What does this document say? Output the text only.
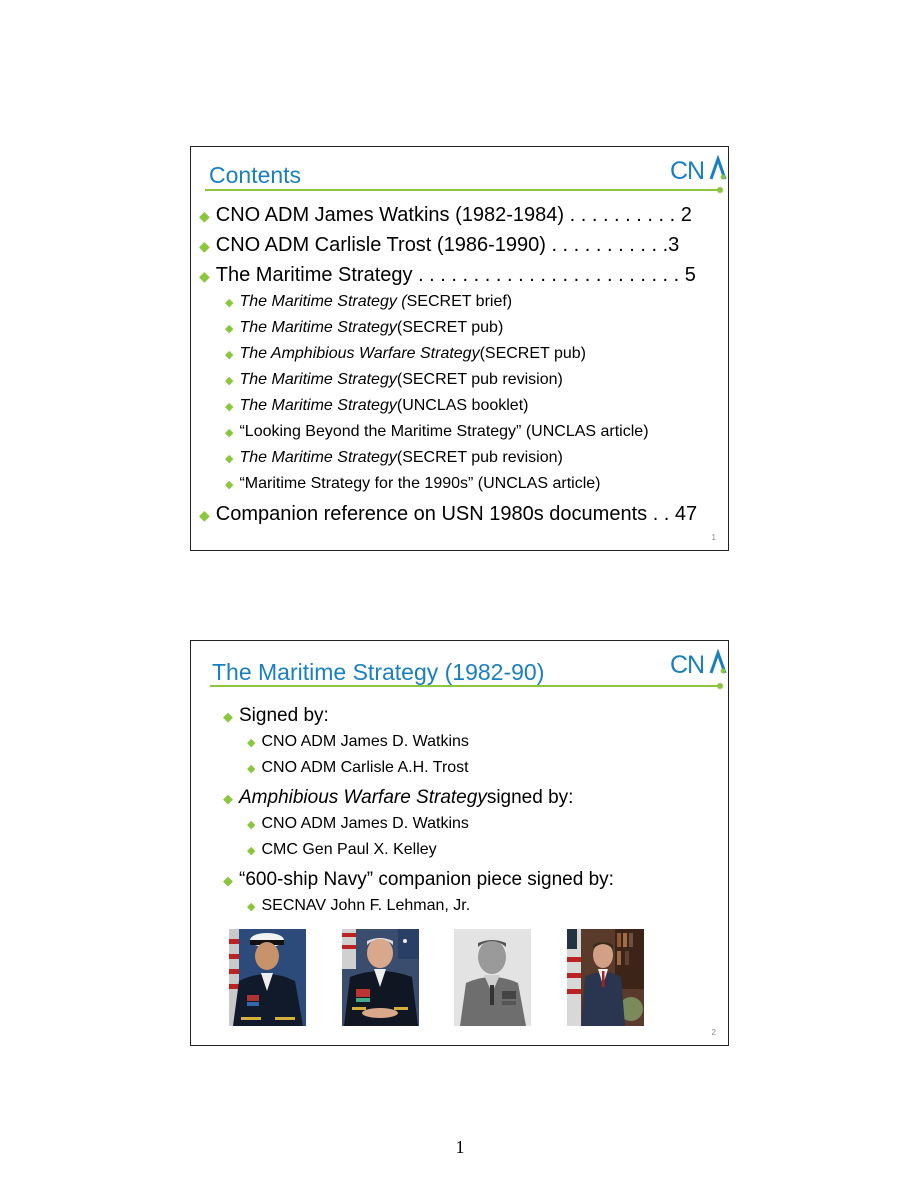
Contents	CN
◆ CNO ADM James Watkins (1982-1984) . . . . . . . . . . 2
◆ CNO ADM Carlisle Trost (1986-1990) . . . . . . . . . . .3
◆ The Maritime Strategy . . . . . . . . . . . . . . . . . . . . . . . . 5
◆ The Maritime Strategy ( SECRET brief)
◆ The Maritime Strategy (SECRET pub)
◆ The Amphibious Warfare Strategy (SECRET pub)
◆ The Maritime Strategy (SECRET pub revision)
◆ The Maritime Strategy (UNCLAS booklet)
◆ “Looking Beyond the Maritime Strategy” (UNCLAS article)
◆ The Maritime Strategy (SECRET pub revision)
◆ “Maritime Strategy for the 1990s” (UNCLAS article)
◆ Companion reference on USN 1980s documents . . 47
1
The Maritime Strategy (1982-90)	CN
◆ Signed by:
◆ CNO ADM James D. Watkins
◆ CNO ADM Carlisle A.H. Trost
◆ Amphibious Warfare Strategy signed by:
◆ CNO ADM James D. Watkins
◆ CMC Gen Paul X. Kelley
◆ “600-ship Navy” companion piece signed by:
◆ SECNAV John F. Lehman, Jr.
2
1
